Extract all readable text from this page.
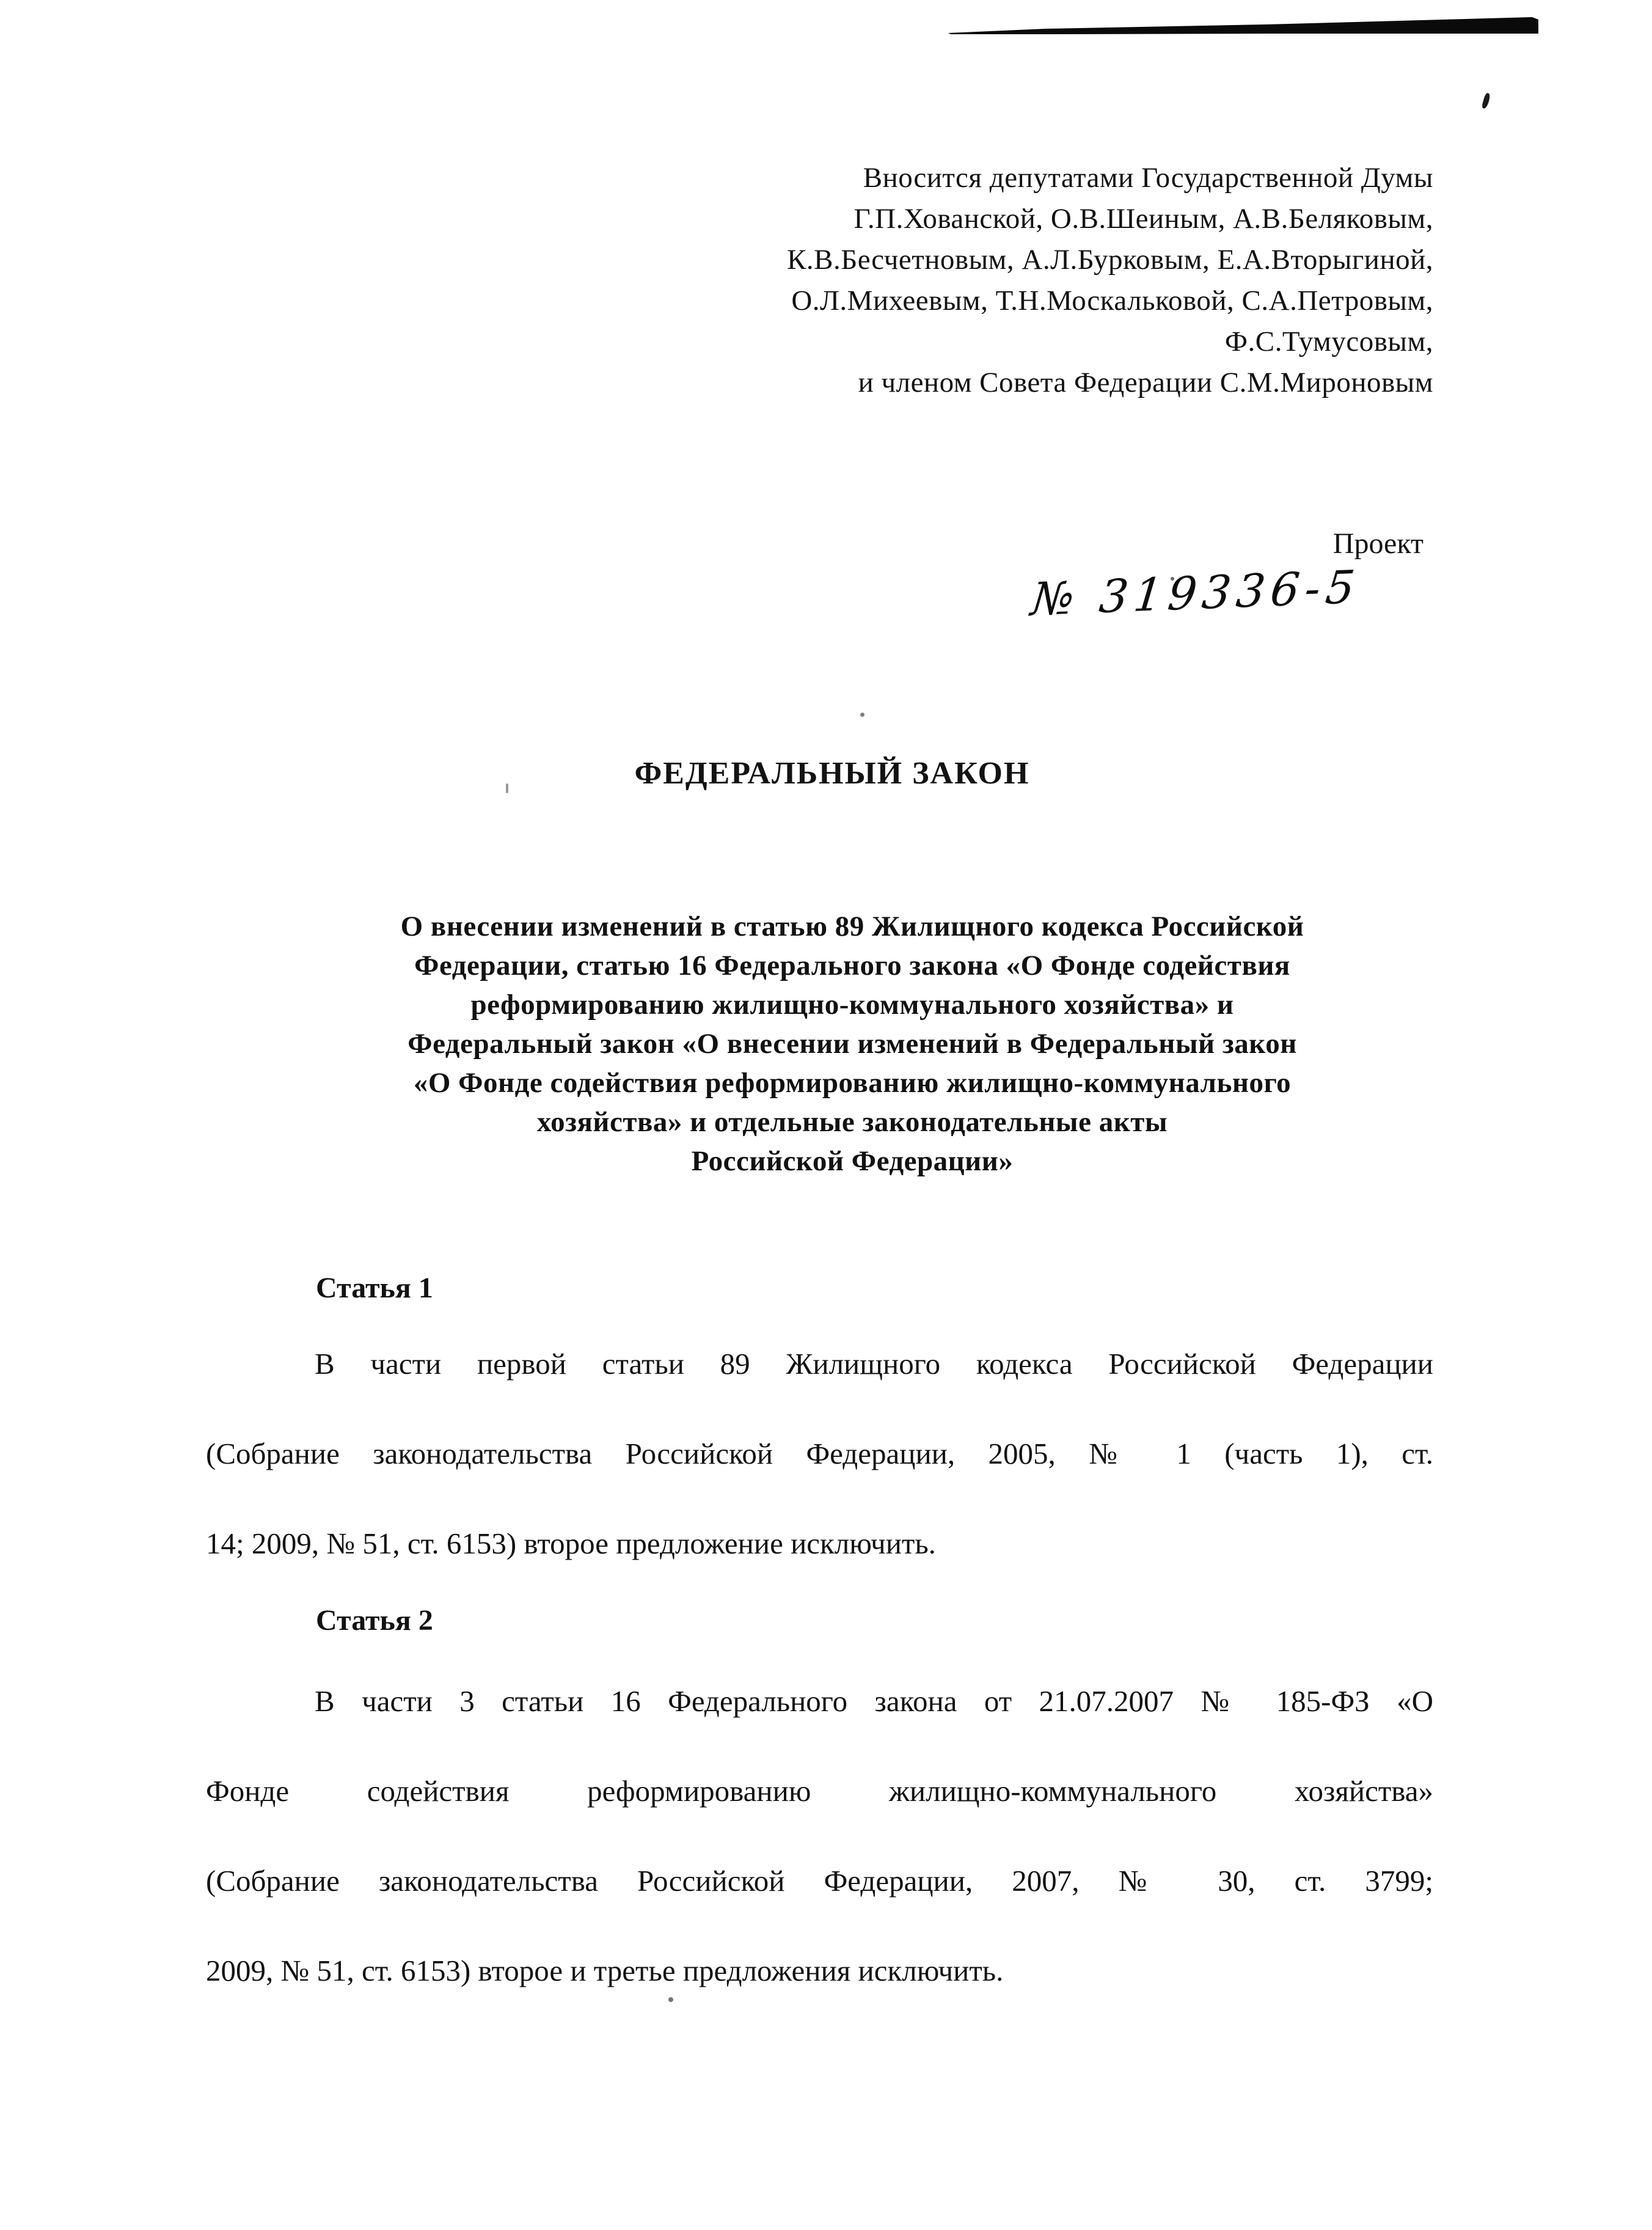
Вносится депутатами Государственной Думы
Г.П.Хованской, О.В.Шеиным, А.В.Беляковым,
К.В.Бесчетновым, А.Л.Бурковым, Е.А.Вторыгиной,
О.Л.Михеевым, Т.Н.Москальковой, С.А.Петровым,
Ф.С.Тумусовым,
и членом Совета Федерации С.М.Мироновым
Проект
№ 319336-5
ФЕДЕРАЛЬНЫЙ ЗАКОН
О внесении изменений в статью 89 Жилищного кодекса Российской
Федерации, статью 16 Федерального закона «О Фонде содействия
реформированию жилищно-коммунального хозяйства» и
Федеральный закон «О внесении изменений в Федеральный закон
«О Фонде содействия реформированию жилищно-коммунального
хозяйства» и отдельные законодательные акты
Российской Федерации»
Статья 1
В части первой статьи 89 Жилищного кодекса Российской Федерации
(Собрание законодательства Российской Федерации, 2005, № 1 (часть 1), ст.
14; 2009, № 51, ст. 6153) второе предложение исключить.
Статья 2
В части 3 статьи 16 Федерального закона от 21.07.2007 № 185-ФЗ «О
Фонде содействия реформированию жилищно-коммунального хозяйства»
(Собрание законодательства Российской Федерации, 2007, № 30, ст. 3799;
2009, № 51, ст. 6153) второе и третье предложения исключить.
